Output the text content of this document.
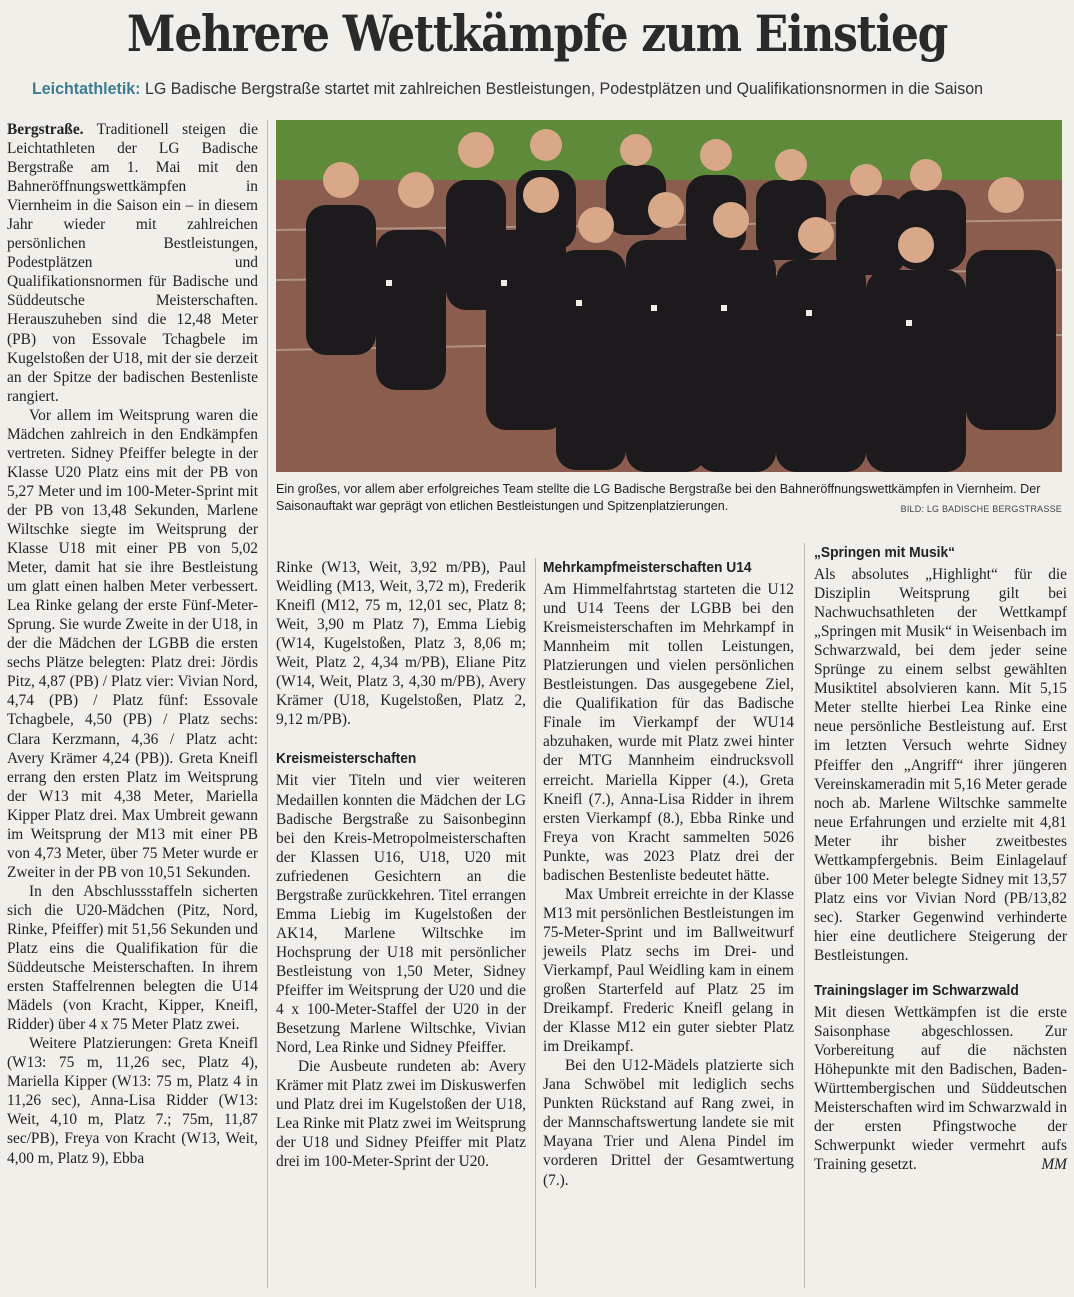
Mehrere Wettkämpfe zum Einstieg
Leichtathletik: LG Badische Bergstraße startet mit zahlreichen Bestleistungen, Podestplätzen und Qualifikationsnormen in die Saison

Bergstraße. Traditionell steigen die Leichtathleten der LG Badische Bergstraße am 1. Mai mit den Bahneröffnungswettkämpfen in Viernheim in die Saison ein – in diesem Jahr wieder mit zahlreichen persönlichen Bestleistungen, Podestplätzen und Qualifikationsnormen für Badische und Süddeutsche Meisterschaften. Herauszuheben sind die 12,48 Meter (PB) von Essovale Tchagbele im Kugelstoßen der U18, mit der sie derzeit an der Spitze der badischen Bestenliste rangiert.

Vor allem im Weitsprung waren die Mädchen zahlreich in den Endkämpfen vertreten. Sidney Pfeiffer belegte in der Klasse U20 Platz eins mit der PB von 5,27 Meter und im 100-Meter-Sprint mit der PB von 13,48 Sekunden, Marlene Wiltschke siegte im Weitsprung der Klasse U18 mit einer PB von 5,02 Meter, damit hat sie ihre Bestleistung um glatt einen halben Meter verbessert. Lea Rinke gelang der erste Fünf-Meter-Sprung. Sie wurde Zweite in der U18, in der die Mädchen der LGBB die ersten sechs Plätze belegten: Platz drei: Jördis Pitz, 4,87 (PB) / Platz vier: Vivian Nord, 4,74 (PB) / Platz fünf: Essovale Tchagbele, 4,50 (PB) / Platz sechs: Clara Kerzmann, 4,36 / Platz acht: Avery Krämer 4,24 (PB)). Greta Kneifl errang den ersten Platz im Weitsprung der W13 mit 4,38 Meter, Mariella Kipper Platz drei. Max Umbreit gewann im Weitsprung der M13 mit einer PB von 4,73 Meter, über 75 Meter wurde er Zweiter in der PB von 10,51 Sekunden.

In den Abschlussstaffeln sicherten sich die U20-Mädchen (Pitz, Nord, Rinke, Pfeiffer) mit 51,56 Sekunden und Platz eins die Qualifikation für die Süddeutsche Meisterschaften. In ihrem ersten Staffelrennen belegten die U14 Mädels (von Kracht, Kipper, Kneifl, Ridder) über 4 x 75 Meter Platz zwei.

Weitere Platzierungen: Greta Kneifl (W13: 75 m, 11,26 sec, Platz 4), Mariella Kipper (W13: 75 m, Platz 4 in 11,26 sec), Anna-Lisa Ridder (W13: Weit, 4,10 m, Platz 7.; 75m, 11,87 sec/PB), Freya von Kracht (W13, Weit, 4,00 m, Platz 9), Ebba

Ein großes, vor allem aber erfolgreiches Team stellte die LG Badische Bergstraße bei den Bahneröffnungswettkämpfen in Viernheim. Der Saisonauftakt war geprägt von etlichen Bestleistungen und Spitzenplatzierungen.	BILD: LG BADISCHE BERGSTRASSE

Rinke (W13, Weit, 3,92 m/PB), Paul Weidling (M13, Weit, 3,72 m), Frederik Kneifl (M12, 75 m, 12,01 sec, Platz 8; Weit, 3,90 m Platz 7), Emma Liebig (W14, Kugelstoßen, Platz 3, 8,06 m; Weit, Platz 2, 4,34 m/PB), Eliane Pitz (W14, Weit, Platz 3, 4,30 m/PB), Avery Krämer (U18, Kugelstoßen, Platz 2, 9,12 m/PB).

Kreismeisterschaften

Mit vier Titeln und vier weiteren Medaillen konnten die Mädchen der LG Badische Bergstraße zu Saisonbeginn bei den Kreis-Metropolmeisterschaften der Klassen U16, U18, U20 mit zufriedenen Gesichtern an die Bergstraße zurückkehren. Titel errangen Emma Liebig im Kugelstoßen der AK14, Marlene Wiltschke im Hochsprung der U18 mit persönlicher Bestleistung von 1,50 Meter, Sidney Pfeiffer im Weitsprung der U20 und die 4 x 100-Meter-Staffel der U20 in der Besetzung Marlene Wiltschke, Vivian Nord, Lea Rinke und Sidney Pfeiffer.

Die Ausbeute rundeten ab: Avery Krämer mit Platz zwei im Diskuswerfen und Platz drei im Kugelstoßen der U18, Lea Rinke mit Platz zwei im Weitsprung der U18 und Sidney Pfeiffer mit Platz drei im 100-Meter-Sprint der U20.

Mehrkampfmeisterschaften U14

Am Himmelfahrtstag starteten die U12 und U14 Teens der LGBB bei den Kreismeisterschaften im Mehrkampf in Mannheim mit tollen Leistungen, Platzierungen und vielen persönlichen Bestleistungen. Das ausgegebene Ziel, die Qualifikation für das Badische Finale im Vierkampf der WU14 abzuhaken, wurde mit Platz zwei hinter der MTG Mannheim eindrucksvoll erreicht. Mariella Kipper (4.), Greta Kneifl (7.), Anna-Lisa Ridder in ihrem ersten Vierkampf (8.), Ebba Rinke und Freya von Kracht sammelten 5026 Punkte, was 2023 Platz drei der badischen Bestenliste bedeutet hätte.

Max Umbreit erreichte in der Klasse M13 mit persönlichen Bestleistungen im 75-Meter-Sprint und im Ballweitwurf jeweils Platz sechs im Drei- und Vierkampf, Paul Weidling kam in einem großen Starterfeld auf Platz 25 im Dreikampf. Frederic Kneifl gelang in der Klasse M12 ein guter siebter Platz im Dreikampf.

Bei den U12-Mädels platzierte sich Jana Schwöbel mit lediglich sechs Punkten Rückstand auf Rang zwei, in der Mannschaftswertung landete sie mit Mayana Trier und Alena Pindel im vorderen Drittel der Gesamtwertung (7.).

„Springen mit Musik“

Als absolutes „Highlight“ für die Disziplin Weitsprung gilt bei Nachwuchsathleten der Wettkampf „Springen mit Musik“ in Weisenbach im Schwarzwald, bei dem jeder seine Sprünge zu einem selbst gewählten Musiktitel absolvieren kann. Mit 5,15 Meter stellte hierbei Lea Rinke eine neue persönliche Bestleistung auf. Erst im letzten Versuch wehrte Sidney Pfeiffer den „Angriff“ ihrer jüngeren Vereinskameradin mit 5,16 Meter gerade noch ab. Marlene Wiltschke sammelte neue Erfahrungen und erzielte mit 4,81 Meter ihr bisher zweitbestes Wettkampfergebnis. Beim Einlagelauf über 100 Meter belegte Sidney mit 13,57 Platz eins vor Vivian Nord (PB/13,82 sec). Starker Gegenwind verhinderte hier eine deutlichere Steigerung der Bestleistungen.

Trainingslager im Schwarzwald

Mit diesen Wettkämpfen ist die erste Saisonphase abgeschlossen. Zur Vorbereitung auf die nächsten Höhepunkte mit den Badischen, Baden-Württembergischen und Süddeutschen Meisterschaften wird im Schwarzwald in der ersten Pfingstwoche der Schwerpunkt wieder vermehrt aufs Training gesetzt.	MM
